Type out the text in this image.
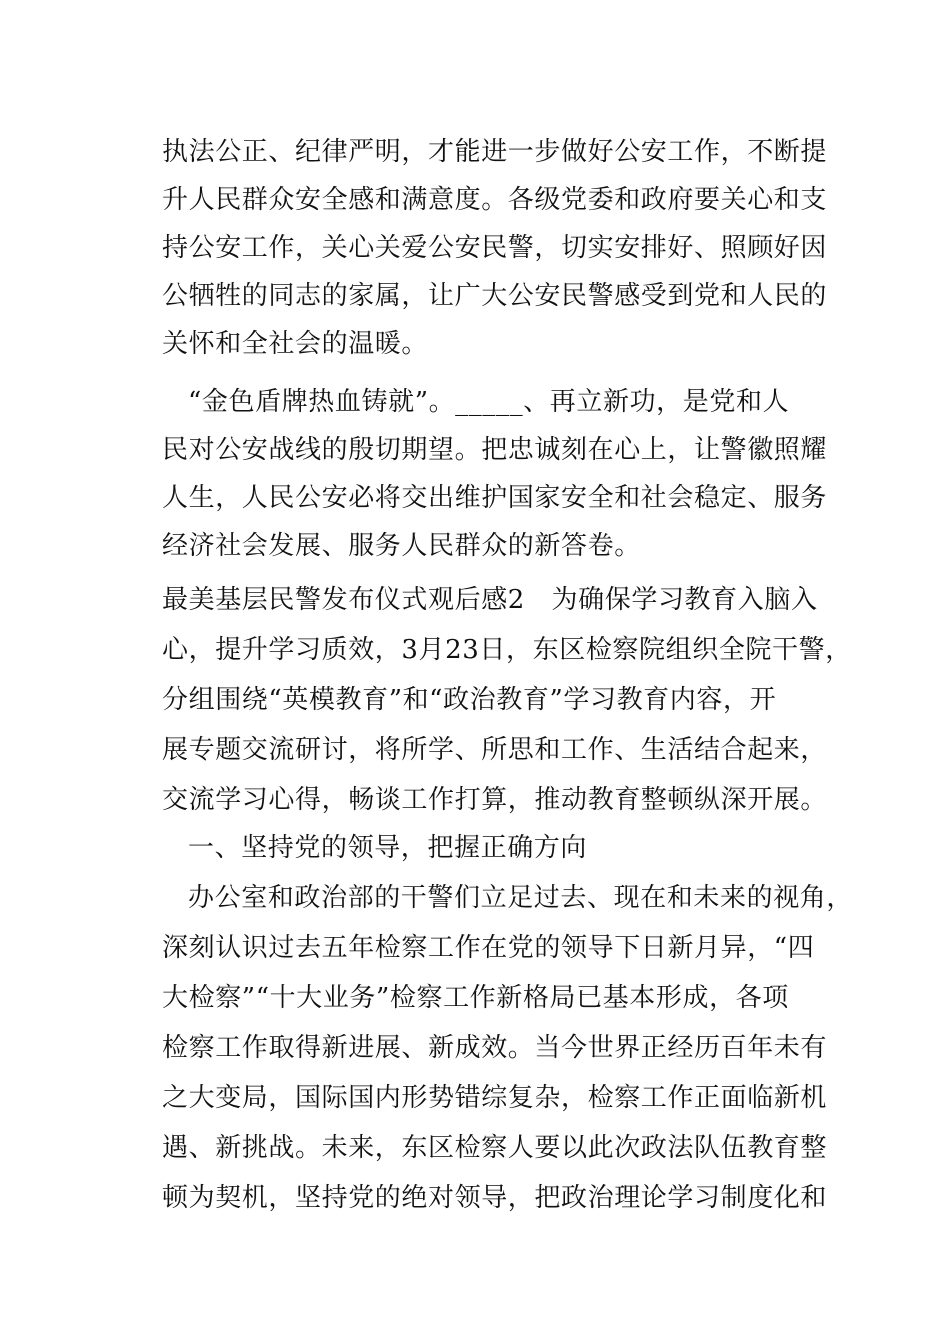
执法公正、纪律严明，才能进一步做好公安工作，不断提
升人民群众安全感和满意度。各级党委和政府要关心和支
持公安工作，关心关爱公安民警，切实安排好、照顾好因
公牺牲的同志的家属，让广大公安民警感受到党和人民的
关怀和全社会的温暖。
“金色盾牌热血铸就”。_____、再立新功，是党和人
民对公安战线的殷切期望。把忠诚刻在心上，让警徽照耀
人生，人民公安必将交出维护国家安全和社会稳定、服务
经济社会发展、服务人民群众的新答卷。
最美基层民警发布仪式观后感2　为确保学习教育入脑入
心，提升学习质效，3月23日，东区检察院组织全院干警，
分组围绕“英模教育”和“政治教育”学习教育内容，开
展专题交流研讨，将所学、所思和工作、生活结合起来，
交流学习心得，畅谈工作打算，推动教育整顿纵深开展。
一、坚持党的领导，把握正确方向
办公室和政治部的干警们立足过去、现在和未来的视角，
深刻认识过去五年检察工作在党的领导下日新月异，“四
大检察”“十大业务”检察工作新格局已基本形成，各项
检察工作取得新进展、新成效。当今世界正经历百年未有
之大变局，国际国内形势错综复杂，检察工作正面临新机
遇、新挑战。未来，东区检察人要以此次政法队伍教育整
顿为契机，坚持党的绝对领导，把政治理论学习制度化和
